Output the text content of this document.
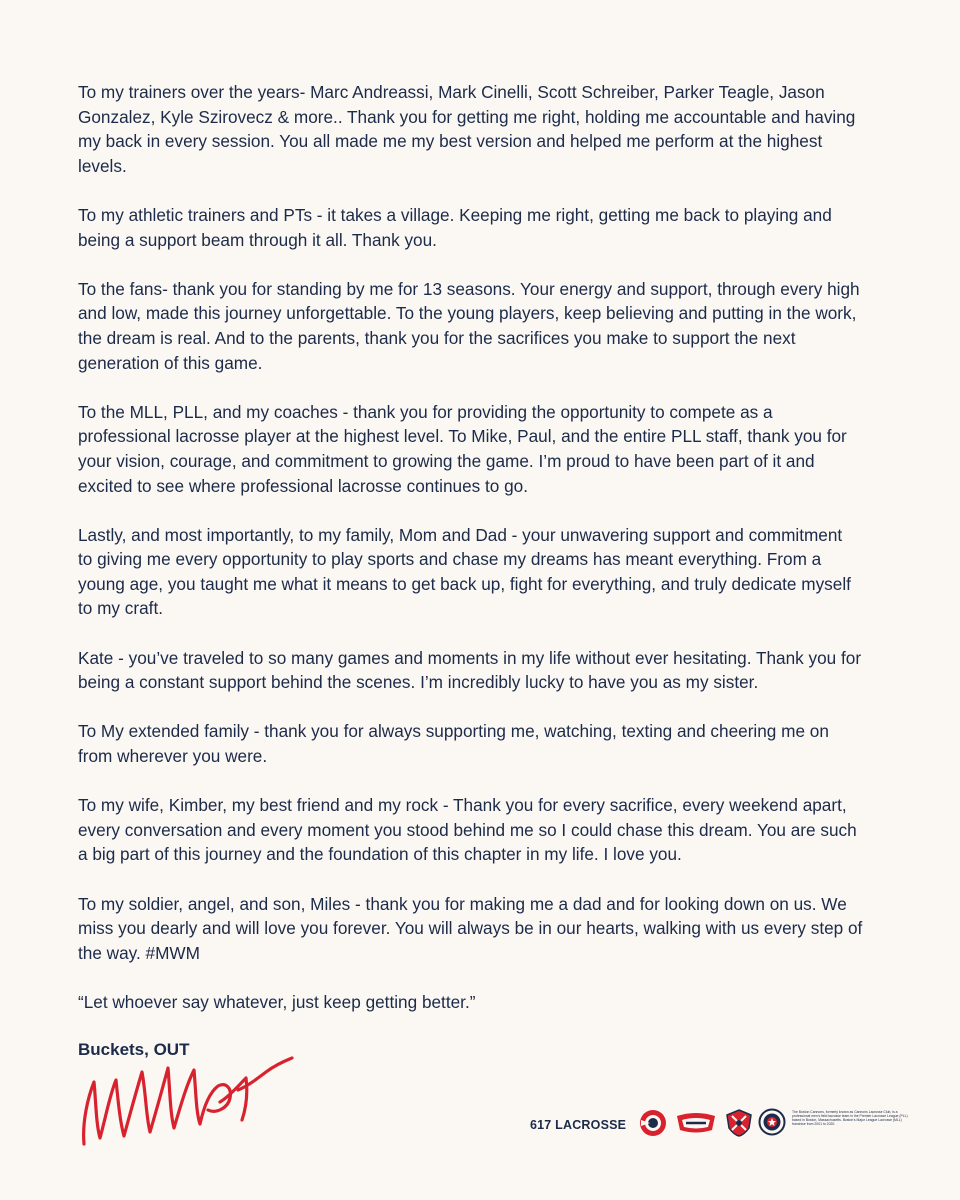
To my trainers over the years- Marc Andreassi, Mark Cinelli, Scott Schreiber, Parker Teagle, Jason
Gonzalez, Kyle Szirovecz & more.. Thank you for getting me right, holding me accountable and having
my back in every session. You all made me my best version and helped me perform at the highest
levels.

To my athletic trainers and PTs - it takes a village. Keeping me right, getting me back to playing and
being a support beam through it all. Thank you.

To the fans- thank you for standing by me for 13 seasons. Your energy and support, through every high
and low, made this journey unforgettable. To the young players, keep believing and putting in the work,
the dream is real. And to the parents, thank you for the sacrifices you make to support the next
generation of this game.

To the MLL, PLL, and my coaches - thank you for providing the opportunity to compete as a
professional lacrosse player at the highest level. To Mike, Paul, and the entire PLL staff, thank you for
your vision, courage, and commitment to growing the game. I’m proud to have been part of it and
excited to see where professional lacrosse continues to go.

Lastly, and most importantly, to my family, Mom and Dad - your unwavering support and commitment
to giving me every opportunity to play sports and chase my dreams has meant everything. From a
young age, you taught me what it means to get back up, fight for everything, and truly dedicate myself
to my craft.

Kate - you’ve traveled to so many games and moments in my life without ever hesitating. Thank you for
being a constant support behind the scenes. I’m incredibly lucky to have you as my sister.

To My extended family - thank you for always supporting me, watching, texting and cheering me on
from wherever you were.

To my wife, Kimber, my best friend and my rock - Thank you for every sacrifice, every weekend apart,
every conversation and every moment you stood behind me so I could chase this dream. You are such
a big part of this journey and the foundation of this chapter in my life. I love you.

To my soldier, angel, and son, Miles - thank you for making me a dad and for looking down on us. We
miss you dearly and will love you forever. You will always be in our hearts, walking with us every step of
the way. #MWM

“Let whoever say whatever, just keep getting better.”

Buckets, OUT
617 LACROSSE
The Boston Cannons, formerly known as Cannons Lacrosse Club, is a professional men's field lacrosse team in the Premier Lacrosse League (PLL) based in Boston, Massachusetts. Boston's Major League Lacrosse (MLL) franchise from 2001 to 2020.
